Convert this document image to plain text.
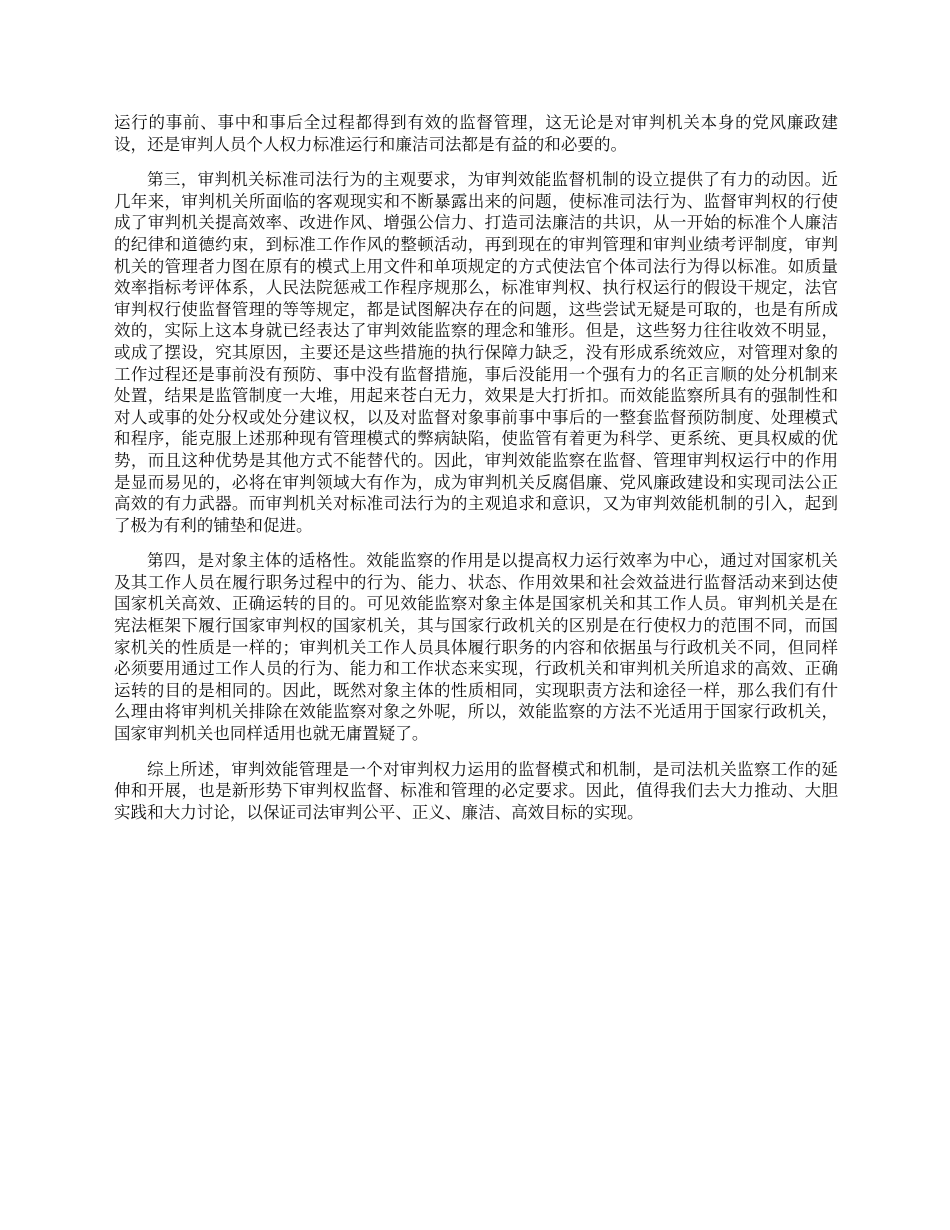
运行的事前、事中和事后全过程都得到有效的监督管理，这无论是对审判机关本身的党风廉政建设，还是审判人员个人权力标准运行和廉洁司法都是有益的和必要的。

第三，审判机关标准司法行为的主观要求，为审判效能监督机制的设立提供了有力的动因。近几年来，审判机关所面临的客观现实和不断暴露出来的问题，使标准司法行为、监督审判权的行使成了审判机关提高效率、改进作风、增强公信力、打造司法廉洁的共识，从一开始的标准个人廉洁的纪律和道德约束，到标准工作作风的整顿活动，再到现在的审判管理和审判业绩考评制度，审判机关的管理者力图在原有的模式上用文件和单项规定的方式使法官个体司法行为得以标准。如质量效率指标考评体系，人民法院惩戒工作程序规那么，标准审判权、执行权运行的假设干规定，法官审判权行使监督管理的等等规定，都是试图解决存在的问题，这些尝试无疑是可取的，也是有所成效的，实际上这本身就已经表达了审判效能监察的理念和雏形。但是，这些努力往往收效不明显，或成了摆设，究其原因，主要还是这些措施的执行保障力缺乏，没有形成系统效应，对管理对象的工作过程还是事前没有预防、事中没有监督措施，事后没能用一个强有力的名正言顺的处分机制来处置，结果是监管制度一大堆，用起来苍白无力，效果是大打折扣。而效能监察所具有的强制性和对人或事的处分权或处分建议权，以及对监督对象事前事中事后的一整套监督预防制度、处理模式和程序，能克服上述那种现有管理模式的弊病缺陷，使监管有着更为科学、更系统、更具权威的优势，而且这种优势是其他方式不能替代的。因此，审判效能监察在监督、管理审判权运行中的作用是显而易见的，必将在审判领域大有作为，成为审判机关反腐倡廉、党风廉政建设和实现司法公正高效的有力武器。而审判机关对标准司法行为的主观追求和意识，又为审判效能机制的引入，起到了极为有利的铺垫和促进。

第四，是对象主体的适格性。效能监察的作用是以提高权力运行效率为中心，通过对国家机关及其工作人员在履行职务过程中的行为、能力、状态、作用效果和社会效益进行监督活动来到达使国家机关高效、正确运转的目的。可见效能监察对象主体是国家机关和其工作人员。审判机关是在宪法框架下履行国家审判权的国家机关，其与国家行政机关的区别是在行使权力的范围不同，而国家机关的性质是一样的；审判机关工作人员具体履行职务的内容和依据虽与行政机关不同，但同样必须要用通过工作人员的行为、能力和工作状态来实现，行政机关和审判机关所追求的高效、正确运转的目的是相同的。因此，既然对象主体的性质相同，实现职责方法和途径一样，那么我们有什么理由将审判机关排除在效能监察对象之外呢，所以，效能监察的方法不光适用于国家行政机关，国家审判机关也同样适用也就无庸置疑了。

综上所述，审判效能管理是一个对审判权力运用的监督模式和机制，是司法机关监察工作的延伸和开展，也是新形势下审判权监督、标准和管理的必定要求。因此，值得我们去大力推动、大胆实践和大力讨论，以保证司法审判公平、正义、廉洁、高效目标的实现。
